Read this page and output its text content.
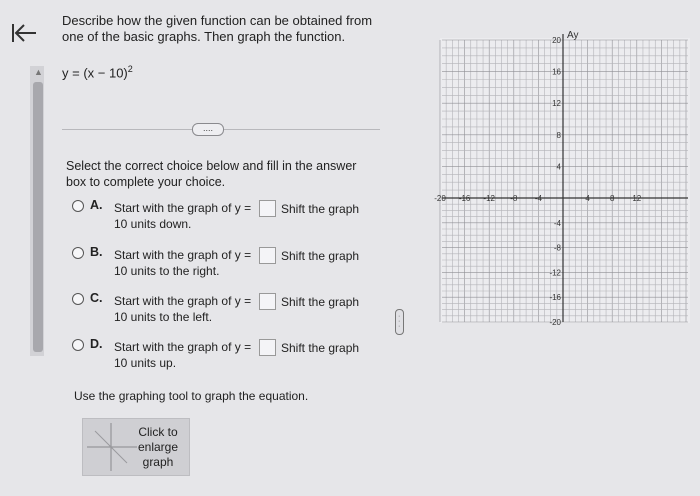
▲
Describe how the given function can be obtained from one of the basic graphs. Then graph the function.
$y = (x - 10)^2$
....
Select the correct choice below and fill in the answer box to complete your choice.
A. Start with the graph of y =
10 units down.
Shift the graph
B. Start with the graph of y =
10 units to the right.
Shift the graph
C. Start with the graph of y =
10 units to the left.
Shift the graph
D. Start with the graph of y =
10 units up.
Shift the graph
Use the graphing tool to graph the equation.
Click to enlarge graph
·
·
·
-20 -16 -12 -8 -4	4	8 12
20
16
12
8
4
-4
-8
-12
-16
-20
Ay
